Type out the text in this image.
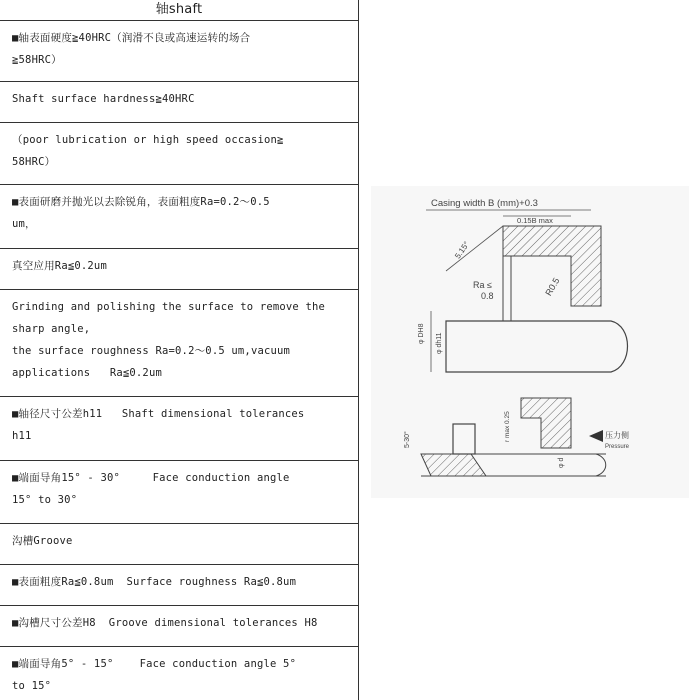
轴shaft
■轴表面硬度≧40HRC（润滑不良或高速运转的场合
≧58HRC）
Shaft surface hardness≧40HRC
（poor lubrication or high speed occasion≧
58HRC）
■表面研磨并抛光以去除锐角，表面粗度Ra=0.2～0.5
um，
真空应用Ra≦0.2um
Grinding and polishing the surface to remove the
sharp angle,
the surface roughness Ra=0.2～0.5 um,vacuum
applications   Ra≦0.2um
■轴径尺寸公差h11   Shaft dimensional tolerances
h11
■端面导角15° - 30°     Face conduction angle
15° to 30°
沟槽Groove
■表面粗度Ra≦0.8um  Surface roughness Ra≦0.8um
■沟槽尺寸公差H8  Groove dimensional tolerances H8
■端面导角5° - 15°    Face conduction angle 5°
to 15°
Casing width B (mm)+0.3
0.15B max
5.15°
Ra ≤
0.8	R0.5
φ DH8 φ dh11
5-30°	r max 0.25
φ d
压力侧
Pressure
